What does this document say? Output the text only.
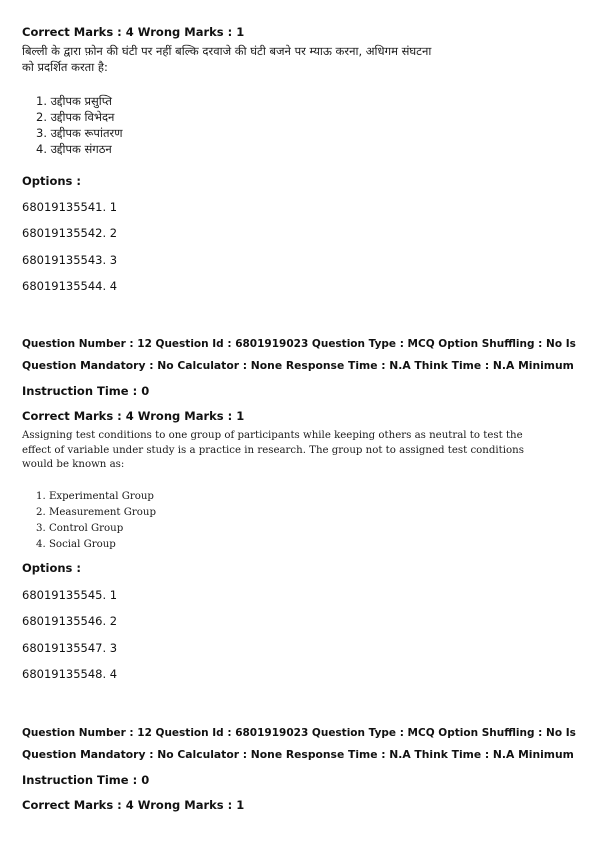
Correct Marks : 4 Wrong Marks : 1
बिल्ली के द्वारा फ़ोन की घंटी पर नहीं बल्कि दरवाजे की घंटी बजने पर म्याऊ करना, अधिगम संघटना
को प्रदर्शित करता है:
1. उद्दीपक प्रसुप्ति
2. उद्दीपक विभेदन
3. उद्दीपक रूपांतरण
4. उद्दीपक संगठन
Options :
68019135541. 1
68019135542. 2
68019135543. 3
68019135544. 4
Question Number : 12 Question Id : 6801919023 Question Type : MCQ Option Shuffling : No Is
Question Mandatory : No Calculator : None Response Time : N.A Think Time : N.A Minimum
Instruction Time : 0
Correct Marks : 4 Wrong Marks : 1
Assigning test conditions to one group of participants while keeping others as neutral to test the
effect of variable under study is a practice in research. The group not to assigned test conditions
would be known as:
1. Experimental Group
2. Measurement Group
3. Control Group
4. Social Group
Options :
68019135545. 1
68019135546. 2
68019135547. 3
68019135548. 4
Question Number : 12 Question Id : 6801919023 Question Type : MCQ Option Shuffling : No Is
Question Mandatory : No Calculator : None Response Time : N.A Think Time : N.A Minimum
Instruction Time : 0
Correct Marks : 4 Wrong Marks : 1
